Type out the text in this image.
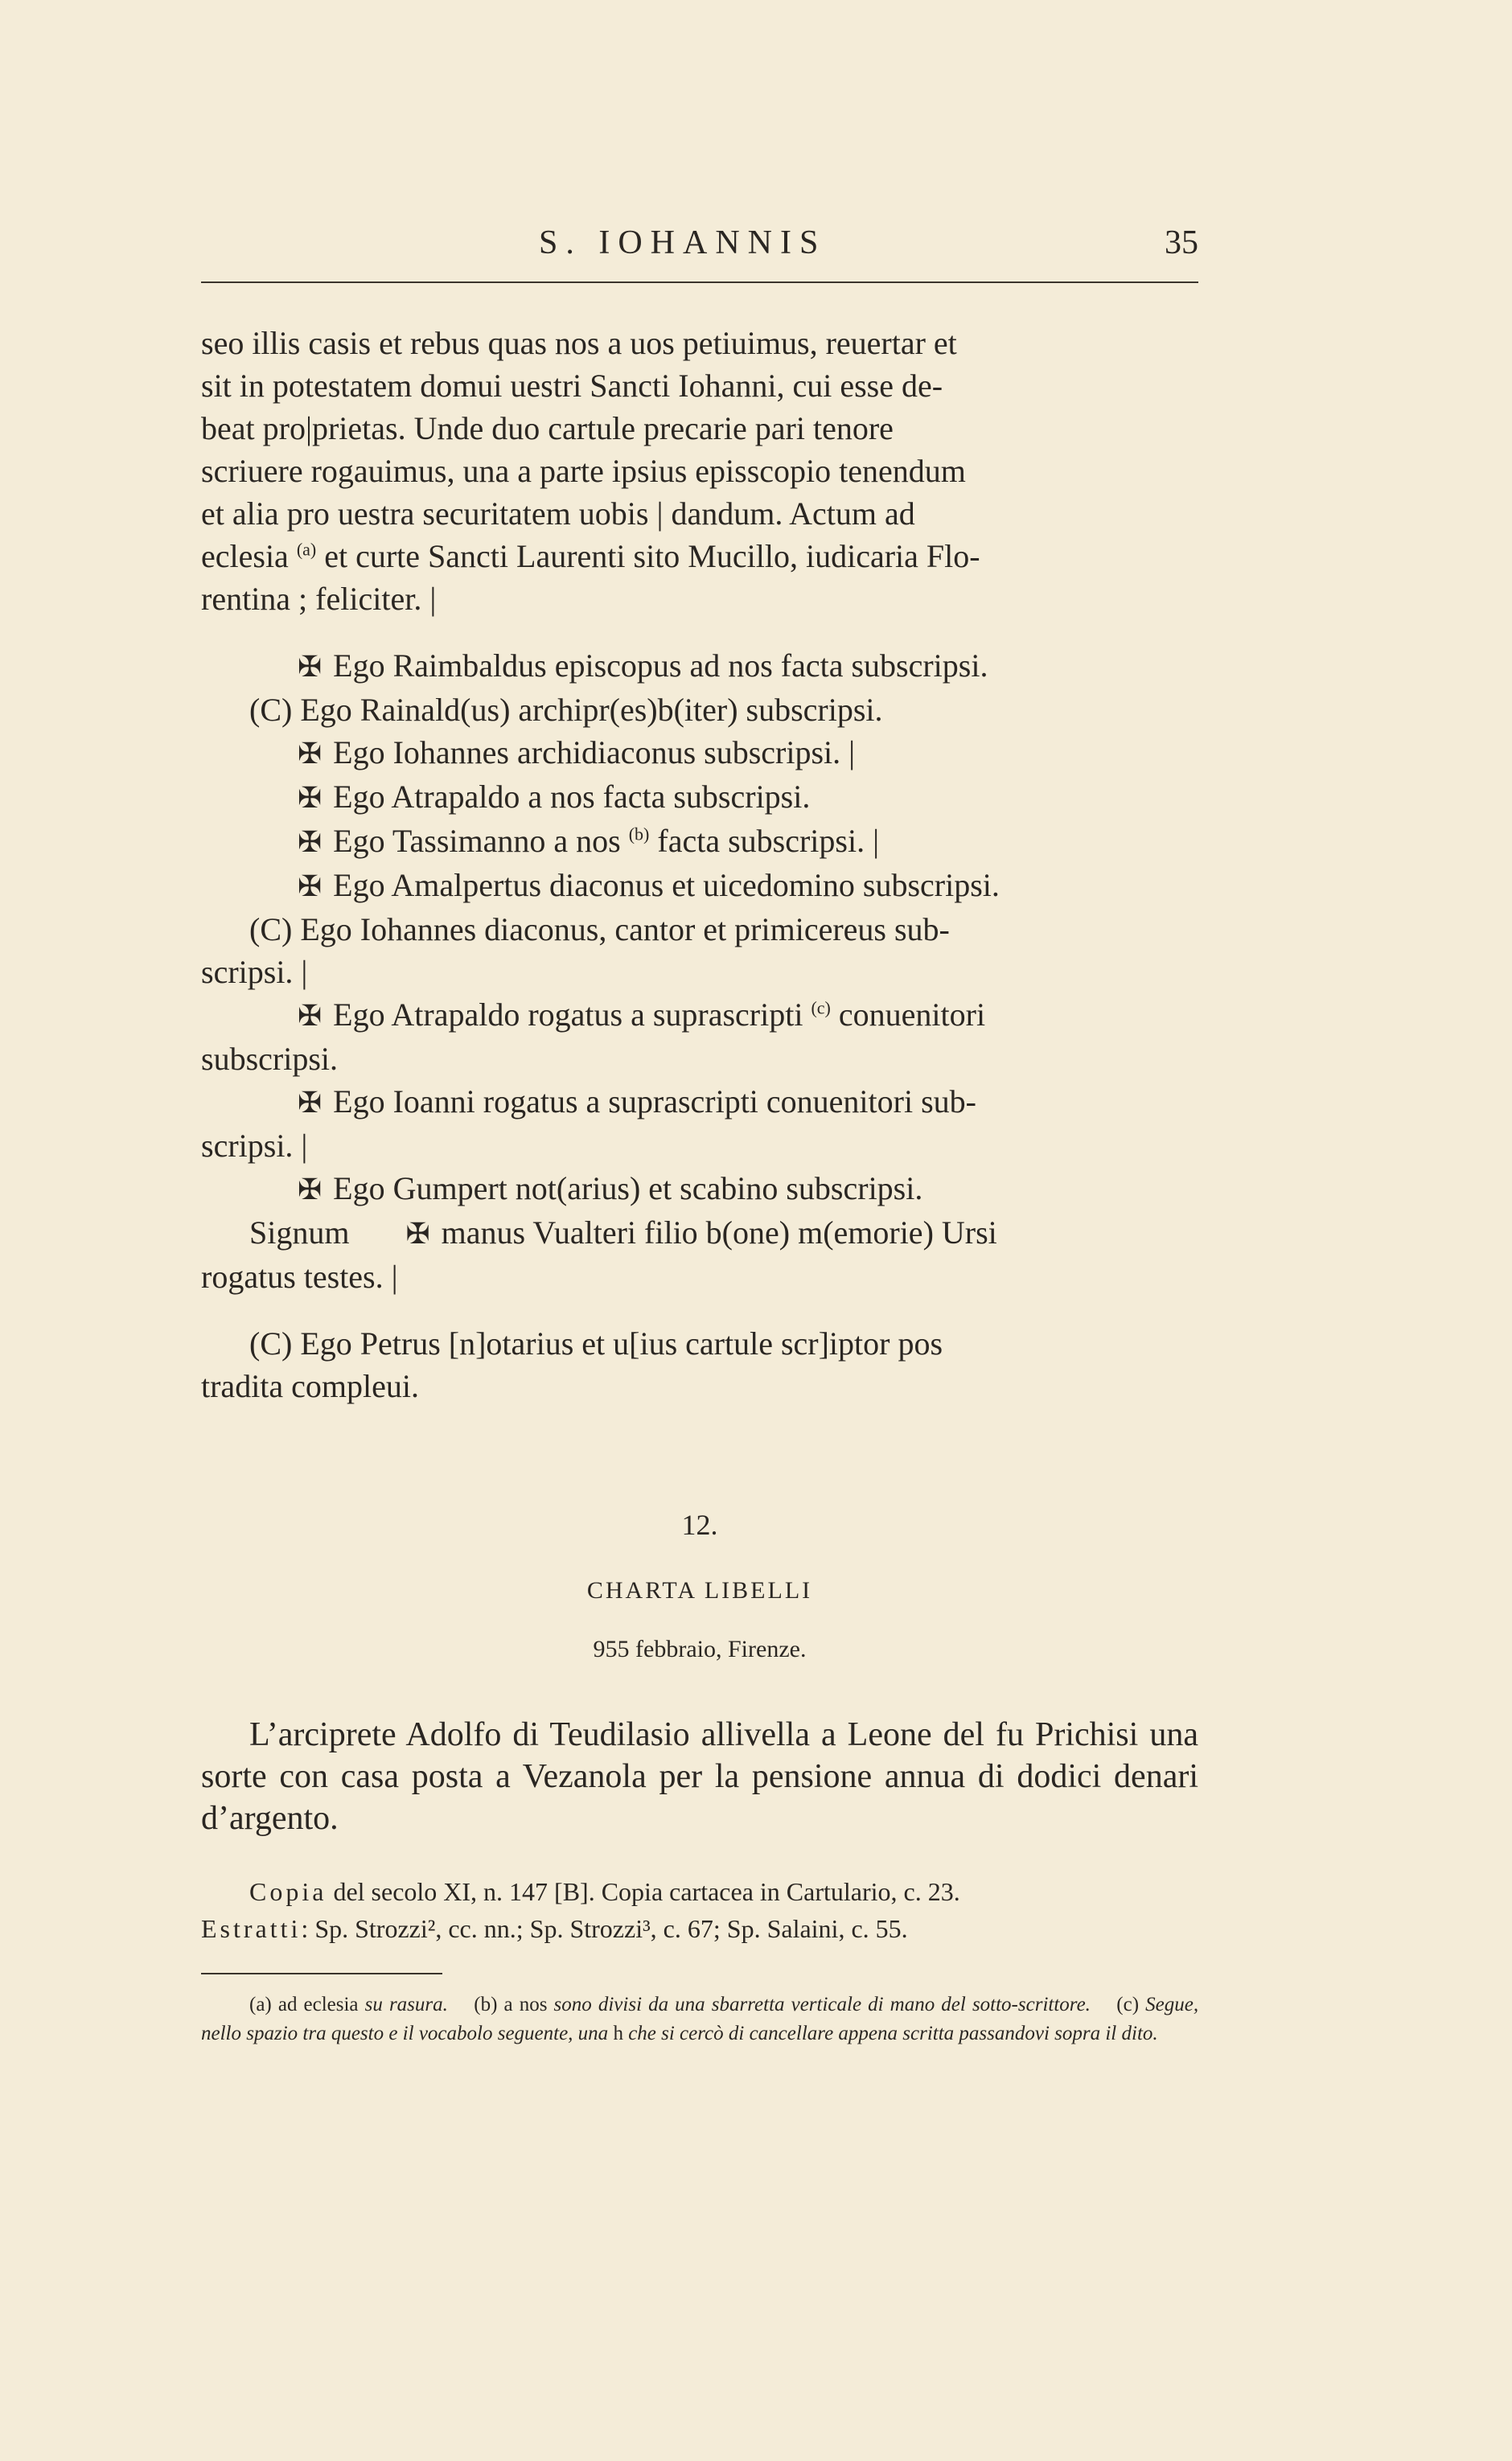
S. IOHANNIS	35

seo illis casis et rebus quas nos a uos petiuimus, reuertar et

sit in potestatem domui uestri Sancti Iohanni, cui esse de-

beat pro|prietas. Unde duo cartule precarie pari tenore

scriuere rogauimus, una a parte ipsius episscopio tenendum

et alia pro uestra securitatem uobis | dandum. Actum ad

eclesia $^{(a)}$ et curte Sancti Laurenti sito Mucillo, iudicaria Flo-

rentina ; feliciter. |

✠ Ego Raimbaldus episcopus ad nos facta subscripsi.

(C) Ego Rainald(us) archipr(es)b(iter) subscripsi.

✠ Ego Iohannes archidiaconus subscripsi. |

✠ Ego Atrapaldo a nos facta subscripsi.

✠ Ego Tassimanno a nos $^{(b)}$ facta subscripsi. |

✠ Ego Amalpertus diaconus et uicedomino subscripsi.

(C) Ego Iohannes diaconus, cantor et primicereus sub-

scripsi. |

✠ Ego Atrapaldo rogatus a suprascripti $^{(c)}$ conuenitori

subscripsi.

✠ Ego Ioanni rogatus a suprascripti conuenitori sub-

scripsi. |

✠ Ego Gumpert not(arius) et scabino subscripsi.

Signum ✠ manus Vualteri filio b(one) m(emorie) Ursi

rogatus testes. |

(C) Ego Petrus [n]otarius et u[ius cartule scr]iptor pos

tradita compleui.

12.
CHARTA LIBELLI
955 febbraio, Firenze.

L’arciprete Adolfo di Teudilasio allivella a Leone del fu Prichisi una sorte con casa posta a Vezanola per la pensione annua di dodici denari d’argento.

Copia del secolo XI, n. 147 [B]. Copia cartacea in Cartulario, c. 23.
Estratti: Sp. Strozzi², cc. nn.; Sp. Strozzi³, c. 67; Sp. Salaini, c. 55.

(a) ad eclesia su rasura. (b) a nos sono divisi da una sbarretta verticale di mano del sotto-scrittore. (c) Segue, nello spazio tra questo e il vocabolo seguente, una h che si cercò di cancellare appena scritta passandovi sopra il dito.
